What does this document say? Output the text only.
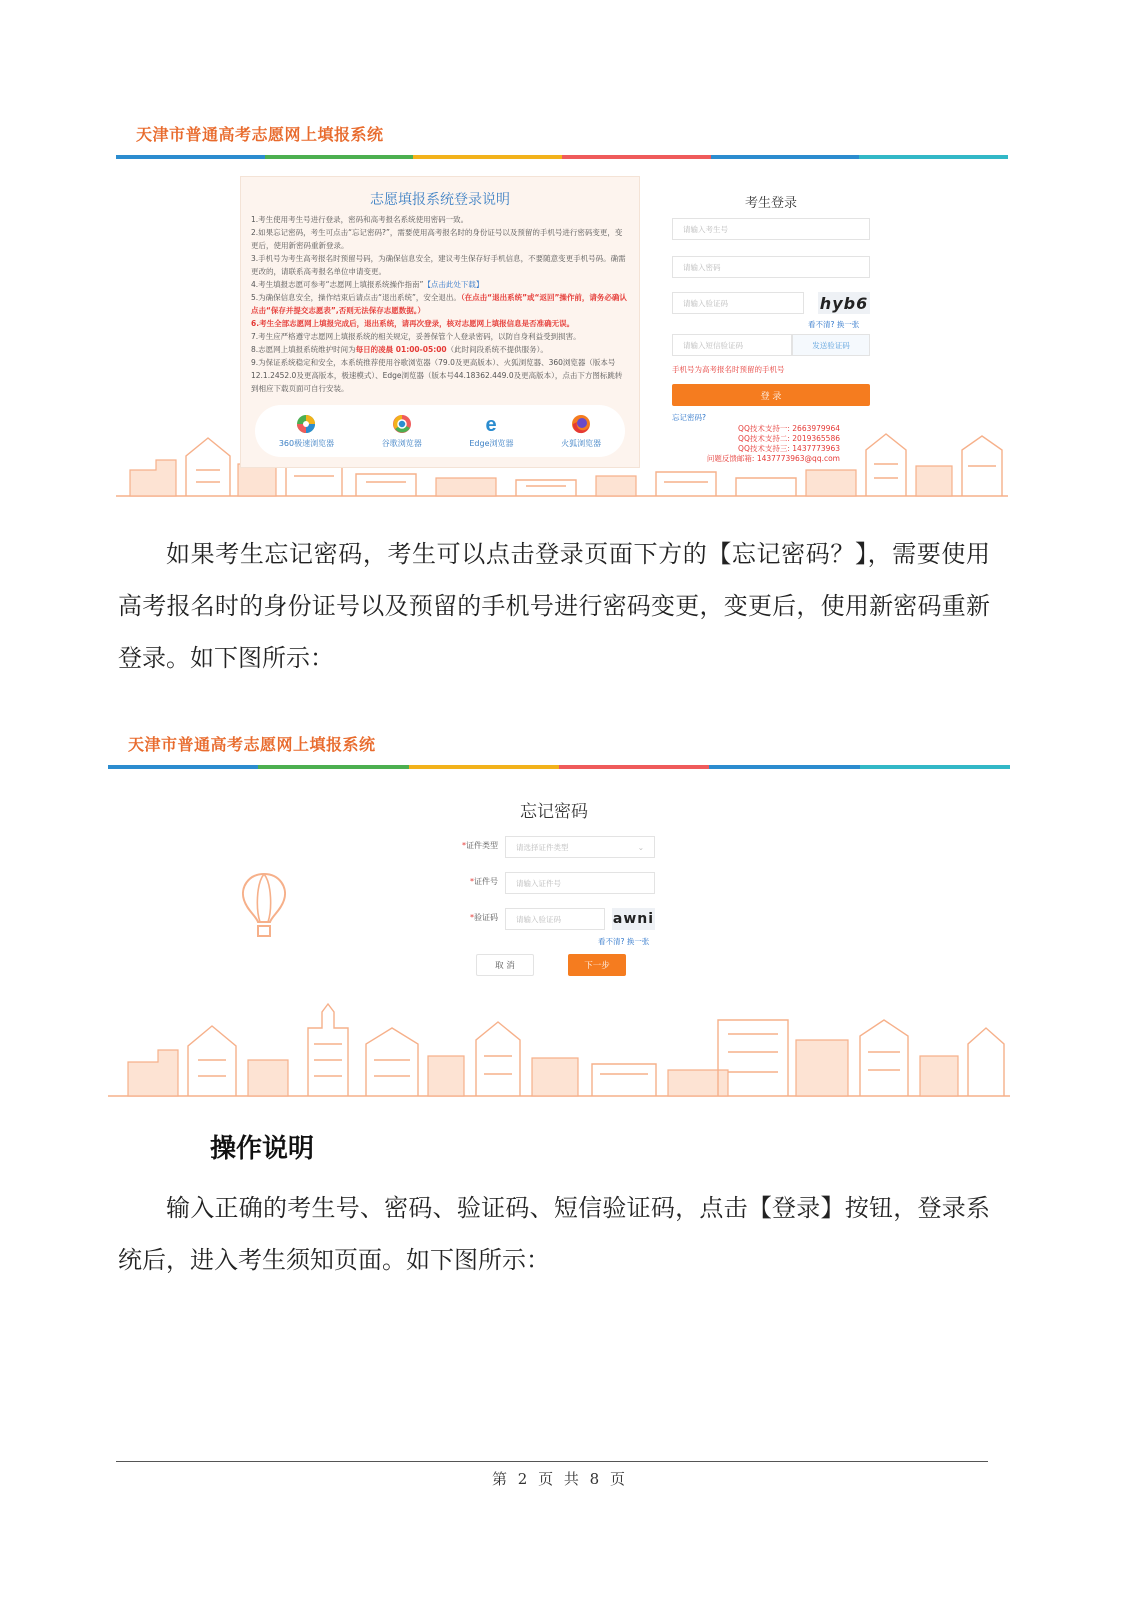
天津市普通高考志愿网上填报系统
志愿填报系统登录说明
1.考生使用考生号进行登录，密码和高考报名系统使用密码一致。
2.如果忘记密码，考生可点击“忘记密码?”，需要使用高考报名时的身份证号以及预留的手机号进行密码变更，变更后，使用新密码重新登录。
3.手机号为考生高考报名时预留号码，为确保信息安全，建议考生保存好手机信息，不要随意变更手机号码。确需更改的，请联系高考报名单位申请变更。
4.考生填报志愿可参考“志愿网上填报系统操作指南”【点击此处下载】
5.为确保信息安全，操作结束后请点击“退出系统”，安全退出。（在点击“退出系统”或“返回”操作前，请务必确认点击“保存并提交志愿表”,否则无法保存志愿数据。）
6.考生全部志愿网上填报完成后，退出系统，请再次登录，核对志愿网上填报信息是否准确无误。
7.考生应严格遵守志愿网上填报系统的相关规定，妥善保管个人登录密码，以防自身利益受到损害。
8.志愿网上填报系统维护时间为每日的凌晨 01:00-05:00（此时间段系统不提供服务）。
9.为保证系统稳定和安全，本系统推荐使用谷歌浏览器（79.0及更高版本）、火狐浏览器、360浏览器（版本号12.1.2452.0及更高版本，极速模式）、Edge浏览器（版本号44.18362.449.0及更高版本），点击下方图标跳转到相应下载页面可自行安装。
360极速浏览器	谷歌浏览器
e
Edge浏览器	火狐浏览器
考生登录
请输入考生号
请输入密码
请输入验证码	hyb6
看不清? 换一张
请输入短信验证码	发送验证码
手机号为高考报名时预留的手机号
登 录
忘记密码?
QQ技术支持一: 2663979964
QQ技术支持二: 2019365586
QQ技术支持三: 1437773963
问题反馈邮箱: 1437773963@qq.com
如果考生忘记密码，考生可以点击登录页面下方的【忘记密码？】，需要使用高考报名时的身份证号以及预留的手机号进行密码变更，变更后，使用新密码重新登录。如下图所示：
天津市普通高考志愿网上填报系统
忘记密码
*证件类型 请选择证件类型	⌄
*证件号	请输入证件号
*验证码	请输入验证码	awni
看不清? 换一张
取 消	下一步
操作说明
输入正确的考生号、密码、验证码、短信验证码，点击【登录】按钮，登录系统后，进入考生须知页面。如下图所示：
第 2 页 共 8 页
